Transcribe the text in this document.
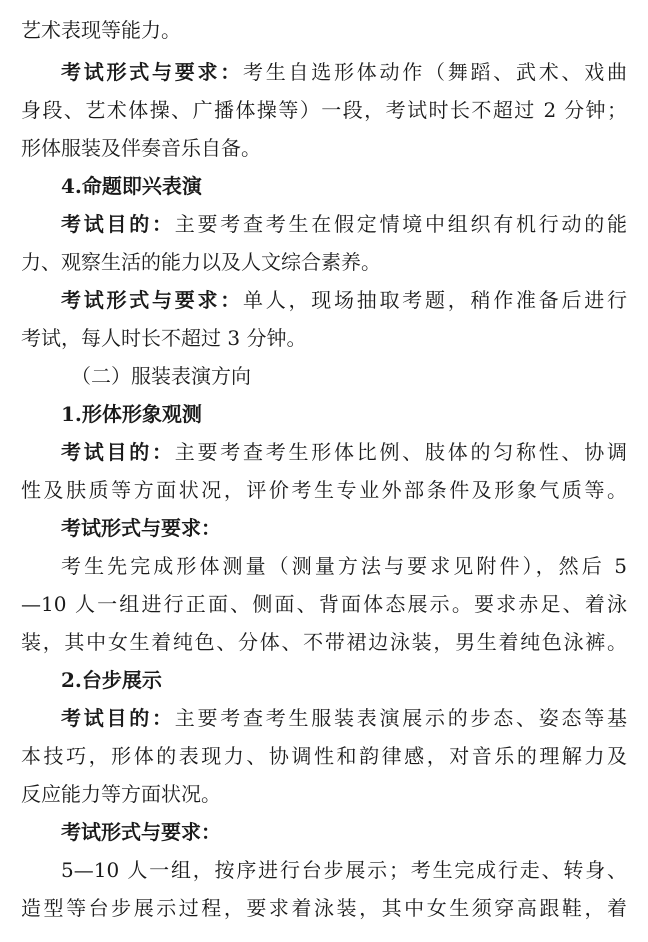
艺术表现等能力。
考试形式与要求：考生自选形体动作（舞蹈、武术、戏曲
身段、艺术体操、广播体操等）一段，考试时长不超过 2 分钟；
形体服装及伴奏音乐自备。
4.命题即兴表演
考试目的：主要考查考生在假定情境中组织有机行动的能
力、观察生活的能力以及人文综合素养。
考试形式与要求：单人，现场抽取考题，稍作准备后进行
考试，每人时长不超过 3 分钟。
（二）服装表演方向
1.形体形象观测
考试目的：主要考查考生形体比例、肢体的匀称性、协调
性及肤质等方面状况，评价考生专业外部条件及形象气质等。
考试形式与要求：
考生先完成形体测量（测量方法与要求见附件），然后 5
—10 人一组进行正面、侧面、背面体态展示。要求赤足、着泳
装，其中女生着纯色、分体、不带裙边泳装，男生着纯色泳裤。
2.台步展示
考试目的：主要考查考生服装表演展示的步态、姿态等基
本技巧，形体的表现力、协调性和韵律感，对音乐的理解力及
反应能力等方面状况。
考试形式与要求：
5—10 人一组，按序进行台步展示；考生完成行走、转身、
造型等台步展示过程，要求着泳装，其中女生须穿高跟鞋，着
